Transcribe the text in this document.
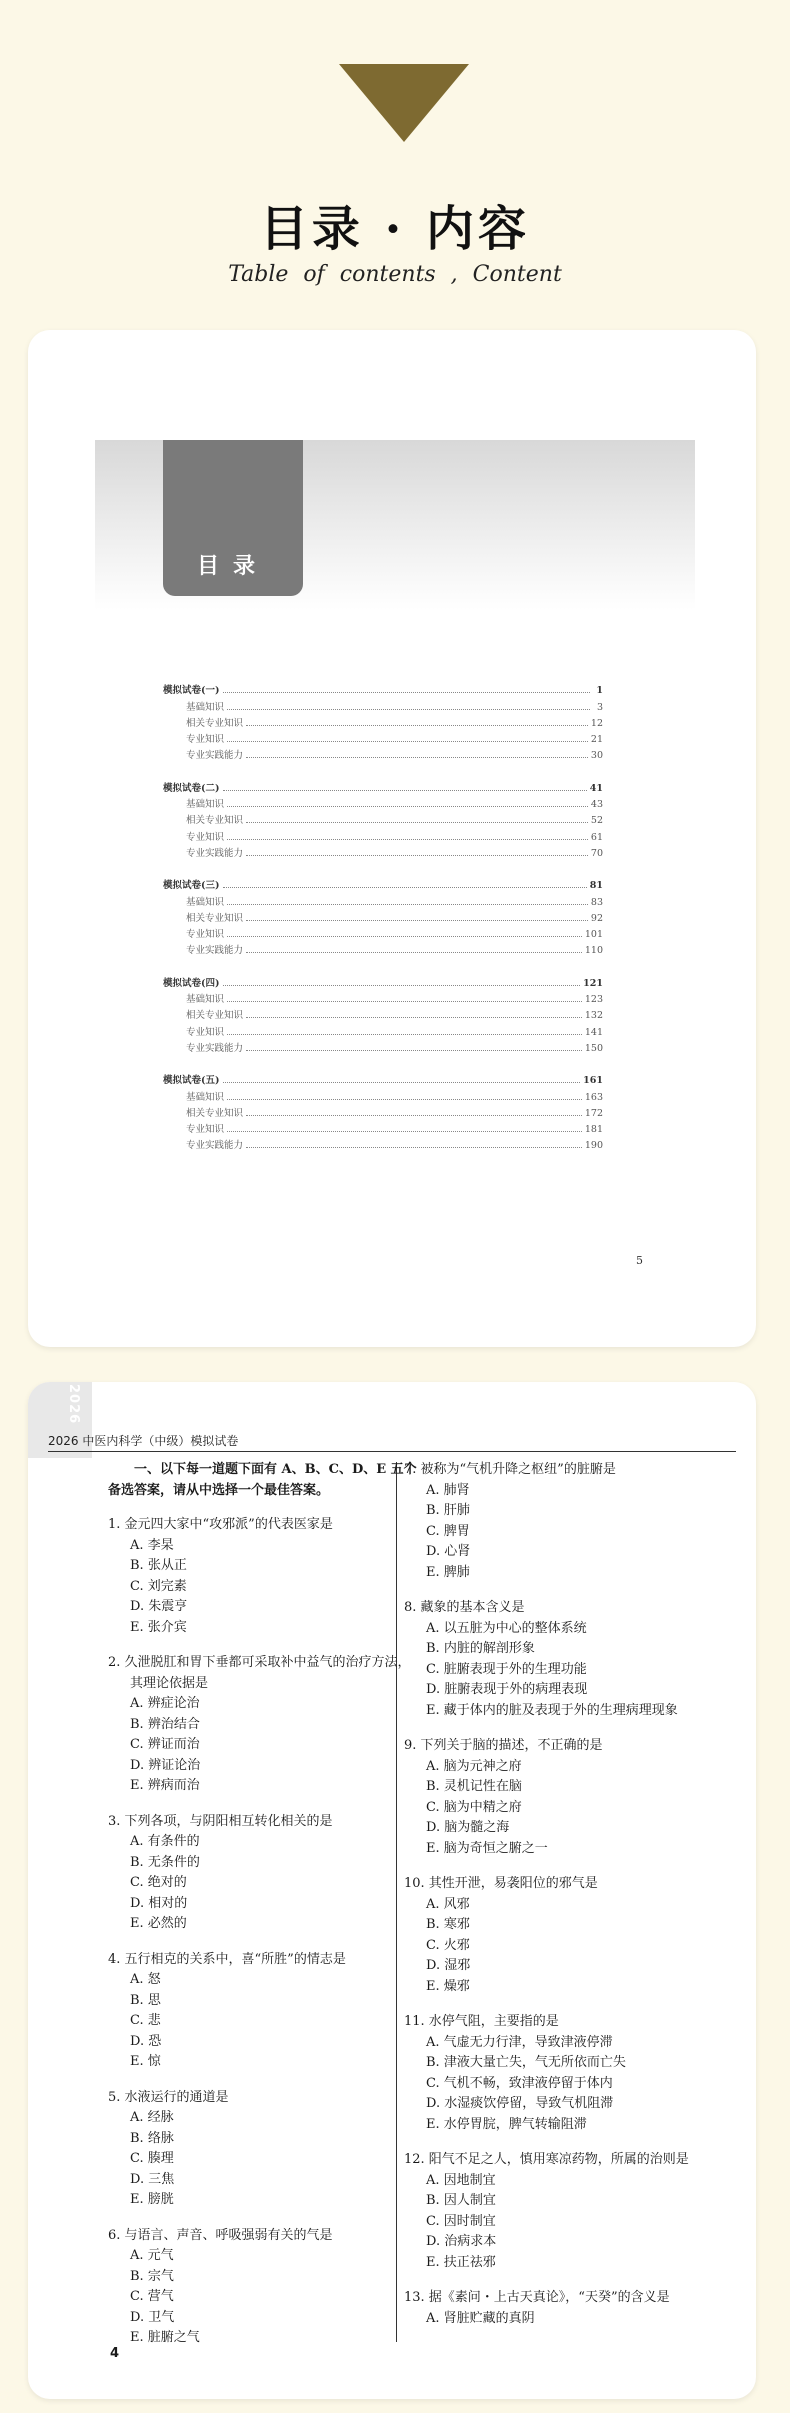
目录 · 内容
Table of contents , Content
目录
模拟试卷(一)	1
基础知识	3
相关专业知识	12
专业知识	21
专业实践能力	30
模拟试卷(二)	41
基础知识	43
相关专业知识	52
专业知识	61
专业实践能力	70
模拟试卷(三)	81
基础知识	83
相关专业知识	92
专业知识	101
专业实践能力	110
模拟试卷(四)	121
基础知识	123
相关专业知识	132
专业知识	141
专业实践能力	150
模拟试卷(五)	161
基础知识	163
相关专业知识	172
专业知识	181
专业实践能力	190
5
2026
2026 中医内科学（中级）模拟试卷
一、以下每一道题下面有 A、B、C、D、E 五个备选答案，请从中选择一个最佳答案。
1. 金元四大家中“攻邪派”的代表医家是
A. 李杲
B. 张从正
C. 刘完素
D. 朱震亨
E. 张介宾
2. 久泄脱肛和胃下垂都可采取补中益气的治疗方法，其理论依据是
A. 辨症论治
B. 辨治结合
C. 辨证而治
D. 辨证论治
E. 辨病而治
3. 下列各项，与阴阳相互转化相关的是
A. 有条件的
B. 无条件的
C. 绝对的
D. 相对的
E. 必然的
4. 五行相克的关系中，喜“所胜”的情志是
A. 怒
B. 思
C. 悲
D. 恐
E. 惊
5. 水液运行的通道是
A. 经脉
B. 络脉
C. 腠理
D. 三焦
E. 膀胱
6. 与语言、声音、呼吸强弱有关的气是
A. 元气
B. 宗气
C. 营气
D. 卫气
E. 脏腑之气
7. 被称为“气机升降之枢纽”的脏腑是
A. 肺肾
B. 肝肺
C. 脾胃
D. 心肾
E. 脾肺
8. 藏象的基本含义是
A. 以五脏为中心的整体系统
B. 内脏的解剖形象
C. 脏腑表现于外的生理功能
D. 脏腑表现于外的病理表现
E. 藏于体内的脏及表现于外的生理病理现象
9. 下列关于脑的描述，不正确的是
A. 脑为元神之府
B. 灵机记性在脑
C. 脑为中精之府
D. 脑为髓之海
E. 脑为奇恒之腑之一
10. 其性开泄，易袭阳位的邪气是
A. 风邪
B. 寒邪
C. 火邪
D. 湿邪
E. 燥邪
11. 水停气阻，主要指的是
A. 气虚无力行津，导致津液停滞
B. 津液大量亡失，气无所依而亡失
C. 气机不畅，致津液停留于体内
D. 水湿痰饮停留，导致气机阻滞
E. 水停胃脘，脾气转输阻滞
12. 阳气不足之人，慎用寒凉药物，所属的治则是
A. 因地制宜
B. 因人制宜
C. 因时制宜
D. 治病求本
E. 扶正祛邪
13. 据《素问・上古天真论》，“天癸”的含义是
A. 肾脏贮藏的真阴
4
